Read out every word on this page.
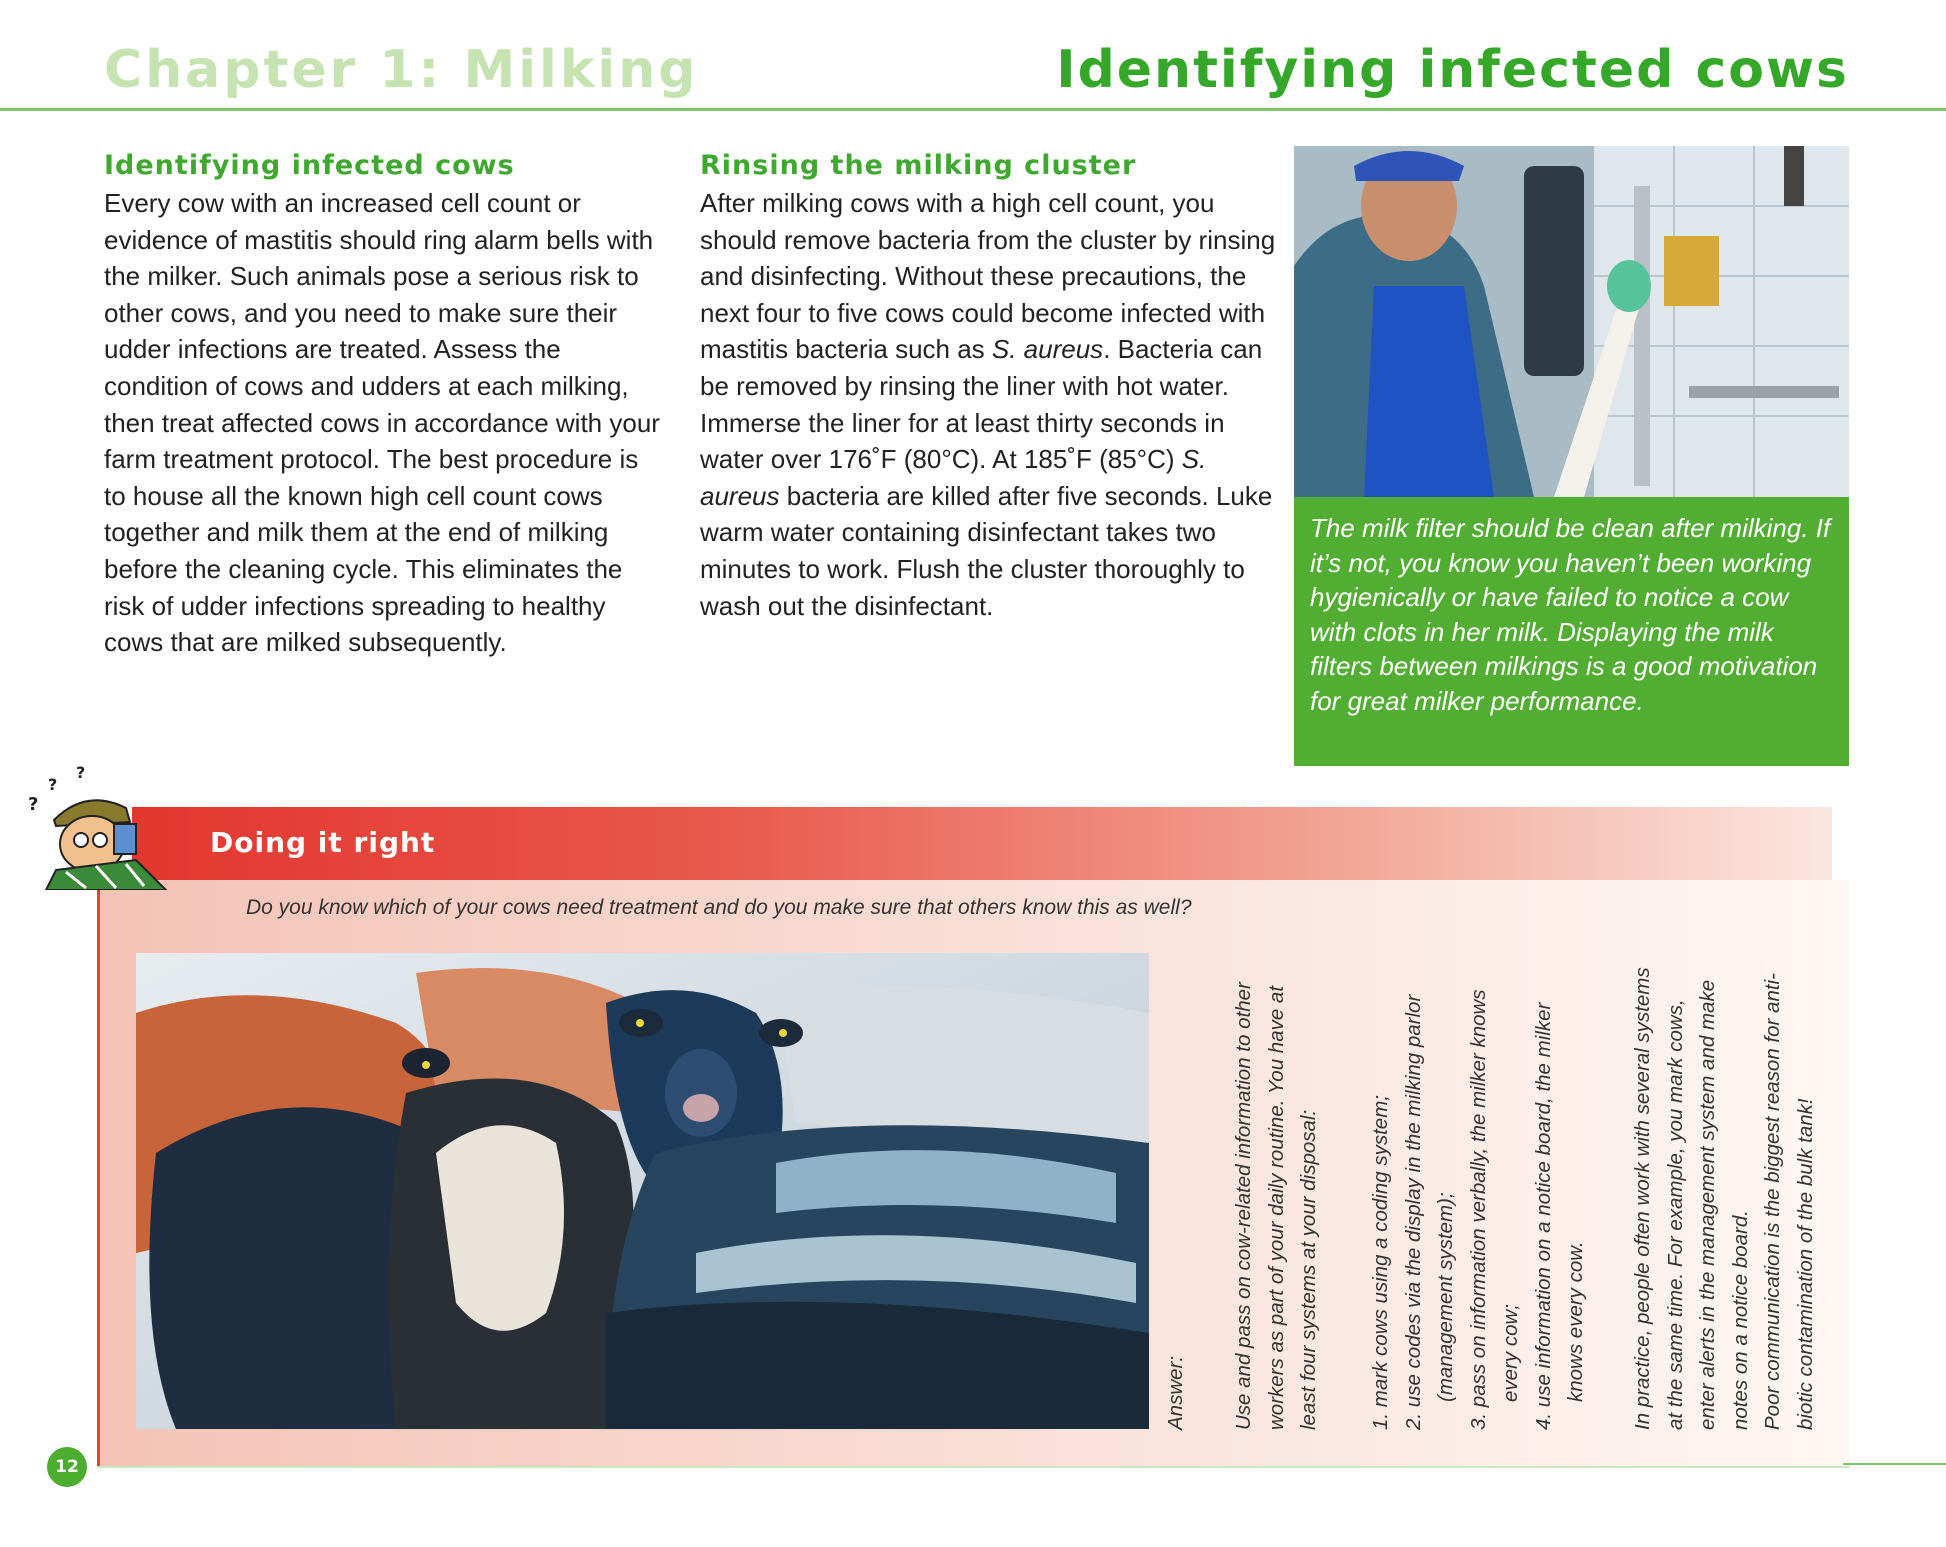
Chapter 1: Milking	Identifying infected cows
Identifying infected cows

Every cow with an increased cell count or evidence of mastitis should ring alarm bells with the milker. Such animals pose a serious risk to other cows, and you need to make sure their udder infections are treated. Assess the condition of cows and udders at each milking, then treat affected cows in accordance with your farm treatment protocol. The best procedure is to house all the known high cell count cows together and milk them at the end of milking before the cleaning cycle. This eliminates the risk of udder infections spreading to healthy cows that are milked subsequently.

Rinsing the milking cluster

After milking cows with a high cell count, you should remove bacteria from the cluster by rinsing and disinfecting. Without these precautions, the next four to five cows could become infected with mastitis bacteria such as S. aureus. Bacteria can be removed by rinsing the liner with hot water. Immerse the liner for at least thirty seconds in water over 176˚F (80°C). At 185˚F (85°C) S. aureus bacteria are killed after five seconds. Luke warm water containing disinfectant takes two minutes to work. Flush the cluster thoroughly to wash out the disinfectant.

The milk filter should be clean after milking. If it’s not, you know you haven’t been working hygienically or have failed to notice a cow with clots in her milk. Displaying the milk filters between milkings is a good motivation for great milker performance.

Doing it right
?
?
?
Do you know which of your cows need treatment and do you make sure that others know this as well?
Answer: Use and pass on cow-related information to other workers as part of your daily routine. You have at least four systems at your disposal: 1. mark cows using a coding system; 2. use codes via the display in the milking parlor (management system); 3. pass on information verbally, the milker knows every cow; 4. use information on a notice board, the milker knows every cow. In practice, people often work with several systems at the same time. For example, you mark cows, enter alerts in the management system and make notes on a notice board. Poor communication is the biggest reason for anti- biotic contamination of the bulk tank!
12
